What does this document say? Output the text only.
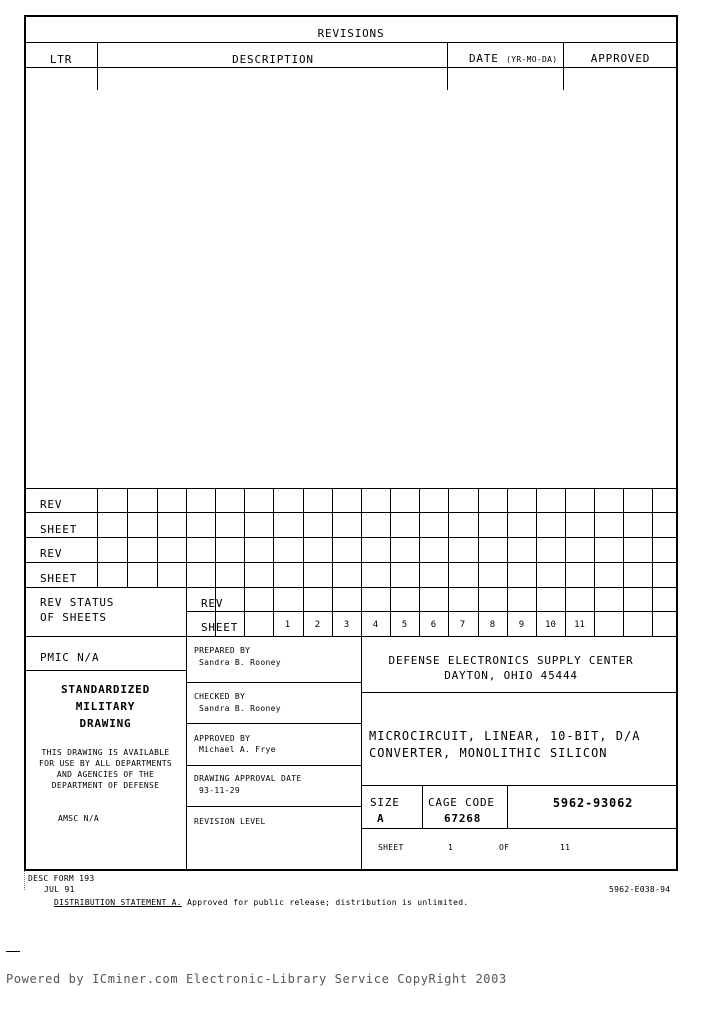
REVISIONS
LTR	DESCRIPTION	DATE (YR-MO-DA)	APPROVED
REV
SHEET
REV
SHEET
REV STATUS
OF SHEETS
REV
SHEET	1	2	3	4	5	6	7	8	9	10	11
PMIC N/A
STANDARDIZED
MILITARY
DRAWING
THIS DRAWING IS AVAILABLE
FOR USE BY ALL DEPARTMENTS
AND AGENCIES OF THE
DEPARTMENT OF DEFENSE
AMSC N/A
PREPARED BY
Sandra B. Rooney
CHECKED BY
Sandra B. Rooney
APPROVED BY
Michael A. Frye
DRAWING APPROVAL DATE
93-11-29
REVISION LEVEL
DEFENSE ELECTRONICS SUPPLY CENTER
DAYTON, OHIO 45444
MICROCIRCUIT, LINEAR, 10-BIT, D/A
CONVERTER, MONOLITHIC SILICON
SIZE
A
CAGE CODE
67268
5962-93062
SHEET	1	OF	11
DESC FORM 193
JUL 91
DISTRIBUTION STATEMENT A. Approved for public release; distribution is unlimited.
5962-E038-94
Powered by ICminer.com Electronic-Library Service CopyRight 2003
